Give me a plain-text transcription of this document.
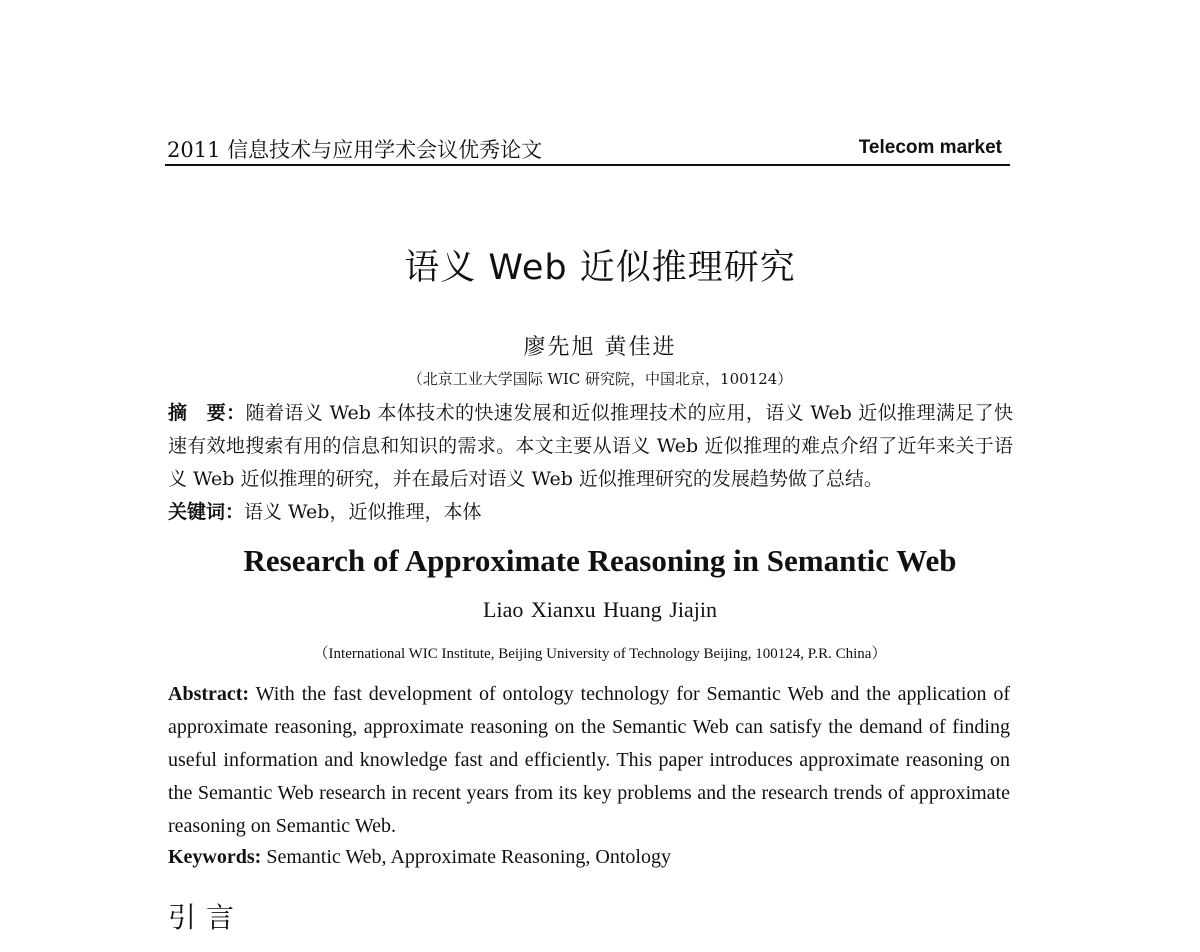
2011 信息技术与应用学术会议优秀论文	Telecom market
语义 Web 近似推理研究
廖先旭 黄佳进
（北京工业大学国际 WIC 研究院，中国北京，100124）

摘　要：随着语义 Web 本体技术的快速发展和近似推理技术的应用，语义 Web 近似推理满足了快速有效地搜索有用的信息和知识的需求。本文主要从语义 Web 近似推理的难点介绍了近年来关于语义 Web 近似推理的研究，并在最后对语义 Web 近似推理研究的发展趋势做了总结。

关键词：语义 Web，近似推理，本体
Research of Approximate Reasoning in Semantic Web
Liao Xianxu Huang Jiajin
（International WIC Institute, Beijing University of Technology Beijing, 100124, P.R. China）
Abstract: With the fast development of ontology technology for Semantic Web and the application of approximate reasoning, approximate reasoning on the Semantic Web can satisfy the demand of finding useful information and knowledge fast and efficiently. This paper introduces approximate reasoning on the Semantic Web research in recent years from its key problems and the research trends of approximate reasoning on Semantic Web.
Keywords: Semantic Web, Approximate Reasoning, Ontology
引言
